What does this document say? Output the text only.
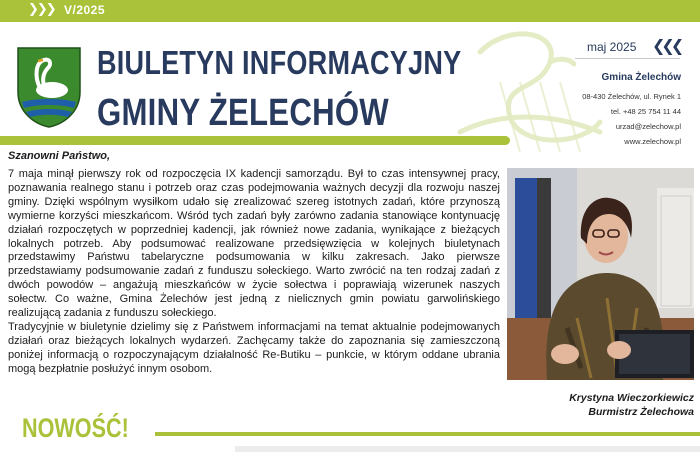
❯❯❯ V/2025
BIULETYN INFORMACYJNY
GMINY ŻELECHÓW
maj 2025 ❮❮❮
Gmina Żelechów
08-430 Żelechów, ul. Rynek 1
tel. +48 25 754 11 44
urzad@zelechow.pl
www.zelechow.pl

Szanowni Państwo,

7 maja minął pierwszy rok od rozpoczęcia IX kadencji samorządu. Był to czas intensywnej pracy, poznawania realnego stanu i potrzeb oraz czas podejmowania ważnych decyzji dla rozwoju naszej gminy. Dzięki wspólnym wysiłkom udało się zrealizować szereg istotnych zadań, które przynoszą wymierne korzyści mieszkańcom. Wśród tych zadań były zarówno zadania stanowiące kontynuację działań rozpoczętych w poprzedniej kadencji, jak również nowe zadania, wynikające z bieżących lokalnych potrzeb. Aby podsumować realizowane przedsięwzięcia w kolejnych biuletynach przedstawimy Państwu tabelaryczne podsumowania w kilku zakresach. Jako pierwsze przedstawiamy podsumowanie zadań z funduszu sołeckiego. Warto zwrócić na ten rodzaj zadań z dwóch powodów – angażują mieszkańców w życie sołectwa i poprawiają wizerunek naszych sołectw. Co ważne, Gmina Żelechów jest jedną z nielicznych gmin powiatu garwolińskiego realizującą zadania z funduszu sołeckiego.

Tradycyjnie w biuletynie dzielimy się z Państwem informacjami na temat aktualnie podejmowanych działań oraz bieżących lokalnych wydarzeń. Zachęcamy także do zapoznania się zamieszczoną poniżej informacją o rozpoczynającym działalność Re-Butiku – punkcie, w którym oddane ubrania mogą bezpłatnie posłużyć innym osobom.

Krystyna Wieczorkiewicz
Burmistrz Żelechowa
NOWOŚĆ!
